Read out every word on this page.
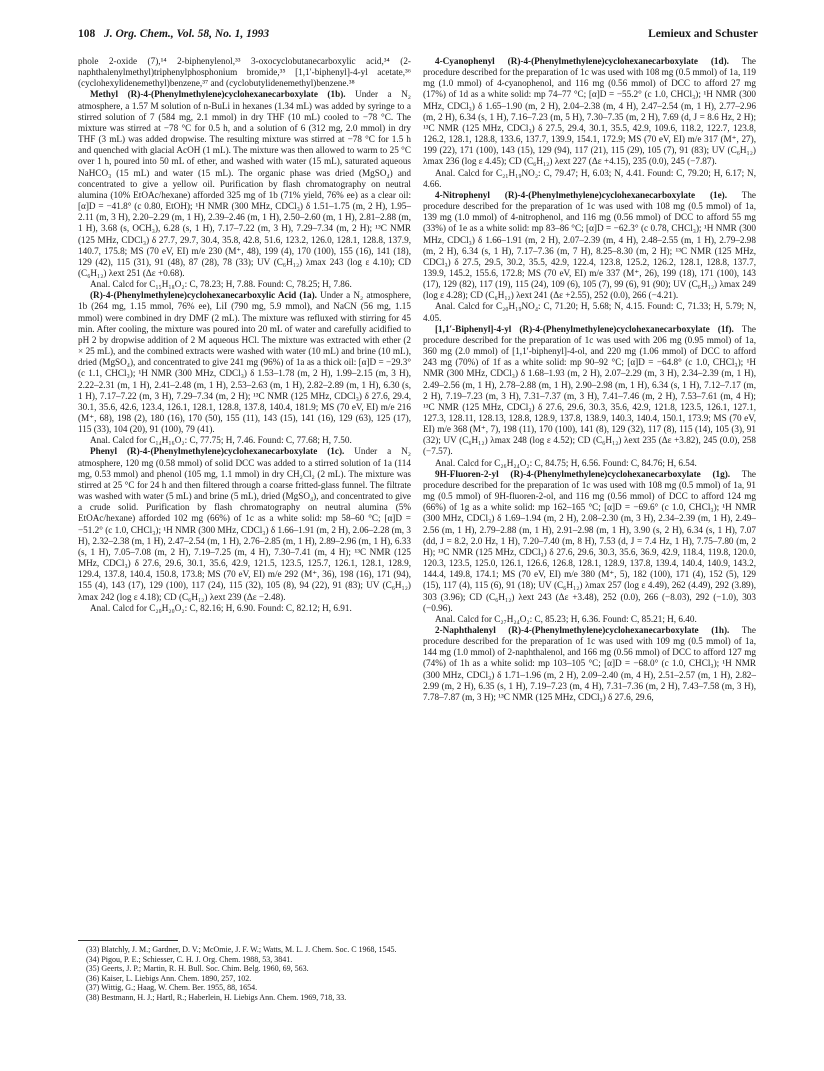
108 J. Org. Chem., Vol. 58, No. 1, 1993	Lemieux and Schuster

phole 2-oxide (7),¹⁴ 2-biphenylenol,³³ 3-oxocyclobutanecarboxylic acid,³⁴ (2-naphthalenylmethyl)triphenylphosphonium bromide,³⁵ [1,1′-biphenyl]-4-yl acetate,³⁶ (cyclohexylidenemethyl)benzene,³⁷ and (cyclobutylidenemethyl)benzene.³⁸

Methyl (R)-4-(Phenylmethylene)cyclohexanecarboxylate (1b). Under a N₂ atmosphere, a 1.57 M solution of n-BuLi in hexanes (1.34 mL) was added by syringe to a stirred solution of 7 (584 mg, 2.1 mmol) in dry THF (10 mL) cooled to −78 °C. The mixture was stirred at −78 °C for 0.5 h, and a solution of 6 (312 mg, 2.0 mmol) in dry THF (3 mL) was added dropwise. The resulting mixture was stirred at −78 °C for 1.5 h and quenched with glacial AcOH (1 mL). The mixture was then allowed to warm to 25 °C over 1 h, poured into 50 mL of ether, and washed with water (15 mL), saturated aqueous NaHCO₃ (15 mL) and water (15 mL). The organic phase was dried (MgSO₄) and concentrated to give a yellow oil. Purification by flash chromatography on neutral alumina (10% EtOAc/hexane) afforded 325 mg of 1b (71% yield, 76% ee) as a clear oil: [α]D = −41.8° (c 0.80, EtOH); ¹H NMR (300 MHz, CDCl₃) δ 1.51–1.75 (m, 2 H), 1.95–2.11 (m, 3 H), 2.20–2.29 (m, 1 H), 2.39–2.46 (m, 1 H), 2.50–2.60 (m, 1 H), 2.81–2.88 (m, 1 H), 3.68 (s, OCH₃), 6.28 (s, 1 H), 7.17–7.22 (m, 3 H), 7.29–7.34 (m, 2 H); ¹³C NMR (125 MHz, CDCl₃) δ 27.7, 29.7, 30.4, 35.8, 42.8, 51.6, 123.2, 126.0, 128.1, 128.8, 137.9, 140.7, 175.8; MS (70 eV, EI) m/e 230 (M⁺, 48), 199 (4), 170 (100), 155 (16), 141 (18), 129 (42), 115 (31), 91 (48), 87 (28), 78 (33); UV (C₆H₁₂) λmax 243 (log ε 4.10); CD (C₆H₁₂) λext 251 (Δε +0.68).

Anal. Calcd for C₁₅H₁₈O₂: C, 78.23; H, 7.88. Found: C, 78.25; H, 7.86.

(R)-4-(Phenylmethylene)cyclohexanecarboxylic Acid (1a). Under a N₂ atmosphere, 1b (264 mg, 1.15 mmol, 76% ee), LiI (790 mg, 5.9 mmol), and NaCN (56 mg, 1.15 mmol) were combined in dry DMF (2 mL). The mixture was refluxed with stirring for 45 min. After cooling, the mixture was poured into 20 mL of water and carefully acidified to pH 2 by dropwise addition of 2 M aqueous HCl. The mixture was extracted with ether (2 × 25 mL), and the combined extracts were washed with water (10 mL) and brine (10 mL), dried (MgSO₄), and concentrated to give 241 mg (96%) of 1a as a thick oil: [α]D = −29.3° (c 1.1, CHCl₃); ¹H NMR (300 MHz, CDCl₃) δ 1.53–1.78 (m, 2 H), 1.99–2.15 (m, 3 H), 2.22–2.31 (m, 1 H), 2.41–2.48 (m, 1 H), 2.53–2.63 (m, 1 H), 2.82–2.89 (m, 1 H), 6.30 (s, 1 H), 7.17–7.22 (m, 3 H), 7.29–7.34 (m, 2 H); ¹³C NMR (125 MHz, CDCl₃) δ 27.6, 29.4, 30.1, 35.6, 42.6, 123.4, 126.1, 128.1, 128.8, 137.8, 140.4, 181.9; MS (70 eV, EI) m/e 216 (M⁺, 68), 198 (2), 180 (16), 170 (50), 155 (11), 143 (15), 141 (16), 129 (63), 125 (17), 115 (33), 104 (20), 91 (100), 79 (41).

Anal. Calcd for C₁₄H₁₆O₂: C, 77.75; H, 7.46. Found: C, 77.68; H, 7.50.

Phenyl (R)-4-(Phenylmethylene)cyclohexanecarboxylate (1c). Under a N₂ atmosphere, 120 mg (0.58 mmol) of solid DCC was added to a stirred solution of 1a (114 mg, 0.53 mmol) and phenol (105 mg, 1.1 mmol) in dry CH₂Cl₂ (2 mL). The mixture was stirred at 25 °C for 24 h and then filtered through a coarse fritted-glass funnel. The filtrate was washed with water (5 mL) and brine (5 mL), dried (MgSO₄), and concentrated to give a crude solid. Purification by flash chromatography on neutral alumina (5% EtOAc/hexane) afforded 102 mg (66%) of 1c as a white solid: mp 58–60 °C; [α]D = −51.2° (c 1.0, CHCl₃); ¹H NMR (300 MHz, CDCl₃) δ 1.66–1.91 (m, 2 H), 2.06–2.28 (m, 3 H), 2.32–2.38 (m, 1 H), 2.47–2.54 (m, 1 H), 2.76–2.85 (m, 1 H), 2.89–2.96 (m, 1 H), 6.33 (s, 1 H), 7.05–7.08 (m, 2 H), 7.19–7.25 (m, 4 H), 7.30–7.41 (m, 4 H); ¹³C NMR (125 MHz, CDCl₃) δ 27.6, 29.6, 30.1, 35.6, 42.9, 121.5, 123.5, 125.7, 126.1, 128.1, 128.9, 129.4, 137.8, 140.4, 150.8, 173.8; MS (70 eV, EI) m/e 292 (M⁺, 36), 198 (16), 171 (94), 155 (4), 143 (17), 129 (100), 117 (24), 115 (32), 105 (8), 94 (22), 91 (83); UV (C₆H₁₂) λmax 242 (log ε 4.18); CD (C₆H₁₂) λext 239 (Δε −2.48).

Anal. Calcd for C₂₀H₂₀O₂: C, 82.16; H, 6.90. Found: C, 82.12; H, 6.91.

(33) Blatchly, J. M.; Gardner, D. V.; McOmie, J. F. W.; Watts, M. L. J. Chem. Soc. C 1968, 1545.

(34) Pigou, P. E.; Schiesser, C. H. J. Org. Chem. 1988, 53, 3841.

(35) Geerts, J. P.; Martin, R. H. Bull. Soc. Chim. Belg. 1960, 69, 563.

(36) Kaiser, L. Liebigs Ann. Chem. 1890, 257, 102.

(37) Wittig, G.; Haag, W. Chem. Ber. 1955, 88, 1654.

(38) Bestmann, H. J.; Hartl, R.; Haberlein, H. Liebigs Ann. Chem. 1969, 718, 33.

4-Cyanophenyl (R)-4-(Phenylmethylene)cyclohexanecarboxylate (1d). The procedure described for the preparation of 1c was used with 108 mg (0.5 mmol) of 1a, 119 mg (1.0 mmol) of 4-cyanophenol, and 116 mg (0.56 mmol) of DCC to afford 27 mg (17%) of 1d as a white solid: mp 74–77 °C; [α]D = −55.2° (c 1.0, CHCl₃); ¹H NMR (300 MHz, CDCl₃) δ 1.65–1.90 (m, 2 H), 2.04–2.38 (m, 4 H), 2.47–2.54 (m, 1 H), 2.77–2.96 (m, 2 H), 6.34 (s, 1 H), 7.16–7.23 (m, 5 H), 7.30–7.35 (m, 2 H), 7.69 (d, J = 8.6 Hz, 2 H); ¹³C NMR (125 MHz, CDCl₃) δ 27.5, 29.4, 30.1, 35.5, 42.9, 109.6, 118.2, 122.7, 123.8, 126.2, 128.1, 128.8, 133.6, 137.7, 139.9, 154.1, 172.9; MS (70 eV, EI) m/e 317 (M⁺, 27), 199 (22), 171 (100), 143 (15), 129 (94), 117 (21), 115 (29), 105 (7), 91 (83); UV (C₆H₁₂) λmax 236 (log ε 4.45); CD (C₆H₁₂) λext 227 (Δε +4.15), 235 (0.0), 245 (−7.87).

Anal. Calcd for C₂₁H₁₉NO₂: C, 79.47; H, 6.03; N, 4.41. Found: C, 79.20; H, 6.17; N, 4.66.

4-Nitrophenyl (R)-4-(Phenylmethylene)cyclohexanecarboxylate (1e). The procedure described for the preparation of 1c was used with 108 mg (0.5 mmol) of 1a, 139 mg (1.0 mmol) of 4-nitrophenol, and 116 mg (0.56 mmol) of DCC to afford 55 mg (33%) of 1e as a white solid: mp 83–86 °C; [α]D = −62.3° (c 0.78, CHCl₃); ¹H NMR (300 MHz, CDCl₃) δ 1.66–1.91 (m, 2 H), 2.07–2.39 (m, 4 H), 2.48–2.55 (m, 1 H), 2.79–2.98 (m, 2 H), 6.34 (s, 1 H), 7.17–7.36 (m, 7 H), 8.25–8.30 (m, 2 H); ¹³C NMR (125 MHz, CDCl₃) δ 27.5, 29.5, 30.2, 35.5, 42.9, 122.4, 123.8, 125.2, 126.2, 128.1, 128.8, 137.7, 139.9, 145.2, 155.6, 172.8; MS (70 eV, EI) m/e 337 (M⁺, 26), 199 (18), 171 (100), 143 (17), 129 (82), 117 (19), 115 (24), 109 (6), 105 (7), 99 (6), 91 (90); UV (C₆H₁₂) λmax 249 (log ε 4.28); CD (C₆H₁₂) λext 241 (Δε +2.55), 252 (0.0), 266 (−4.21).

Anal. Calcd for C₂₀H₁₉NO₄: C, 71.20; H, 5.68; N, 4.15. Found: C, 71.33; H, 5.79; N, 4.05.

[1,1′-Biphenyl]-4-yl (R)-4-(Phenylmethylene)cyclohexanecarboxylate (1f). The procedure described for the preparation of 1c was used with 206 mg (0.95 mmol) of 1a, 360 mg (2.0 mmol) of [1,1′-biphenyl]-4-ol, and 220 mg (1.06 mmol) of DCC to afford 243 mg (70%) of 1f as a white solid: mp 90–92 °C; [α]D = −64.8° (c 1.0, CHCl₃); ¹H NMR (300 MHz, CDCl₃) δ 1.68–1.93 (m, 2 H), 2.07–2.29 (m, 3 H), 2.34–2.39 (m, 1 H), 2.49–2.56 (m, 1 H), 2.78–2.88 (m, 1 H), 2.90–2.98 (m, 1 H), 6.34 (s, 1 H), 7.12–7.17 (m, 2 H), 7.19–7.23 (m, 3 H), 7.31–7.37 (m, 3 H), 7.41–7.46 (m, 2 H), 7.53–7.61 (m, 4 H); ¹³C NMR (125 MHz, CDCl₃) δ 27.6, 29.6, 30.3, 35.6, 42.9, 121.8, 123.5, 126.1, 127.1, 127.3, 128.11, 128.13, 128.8, 128.9, 137.8, 138.9, 140.3, 140.4, 150.1, 173.9; MS (70 eV, EI) m/e 368 (M⁺, 7), 198 (11), 170 (100), 141 (8), 129 (32), 117 (8), 115 (14), 105 (3), 91 (32); UV (C₆H₁₂) λmax 248 (log ε 4.52); CD (C₆H₁₂) λext 235 (Δε +3.82), 245 (0.0), 258 (−7.57).

Anal. Calcd for C₂₆H₂₄O₂: C, 84.75; H, 6.56. Found: C, 84.76; H, 6.54.

9H-Fluoren-2-yl (R)-4-(Phenylmethylene)cyclohexanecarboxylate (1g). The procedure described for the preparation of 1c was used with 108 mg (0.5 mmol) of 1a, 91 mg (0.5 mmol) of 9H-fluoren-2-ol, and 116 mg (0.56 mmol) of DCC to afford 124 mg (66%) of 1g as a white solid: mp 162–165 °C; [α]D = −69.6° (c 1.0, CHCl₃); ¹H NMR (300 MHz, CDCl₃) δ 1.69–1.94 (m, 2 H), 2.08–2.30 (m, 3 H), 2.34–2.39 (m, 1 H), 2.49–2.56 (m, 1 H), 2.79–2.88 (m, 1 H), 2.91–2.98 (m, 1 H), 3.90 (s, 2 H), 6.34 (s, 1 H), 7.07 (dd, J = 8.2, 2.0 Hz, 1 H), 7.20–7.40 (m, 8 H), 7.53 (d, J = 7.4 Hz, 1 H), 7.75–7.80 (m, 2 H); ¹³C NMR (125 MHz, CDCl₃) δ 27.6, 29.6, 30.3, 35.6, 36.9, 42.9, 118.4, 119.8, 120.0, 120.3, 123.5, 125.0, 126.1, 126.6, 126.8, 128.1, 128.9, 137.8, 139.4, 140.4, 140.9, 143.2, 144.4, 149.8, 174.1; MS (70 eV, EI) m/e 380 (M⁺, 5), 182 (100), 171 (4), 152 (5), 129 (15), 117 (4), 115 (6), 91 (18); UV (C₆H₁₂) λmax 257 (log ε 4.49), 262 (4.49), 292 (3.89), 303 (3.96); CD (C₆H₁₂) λext 243 (Δε +3.48), 252 (0.0), 266 (−8.03), 292 (−1.0), 303 (−0.96).

Anal. Calcd for C₂₇H₂₄O₂: C, 85.23; H, 6.36. Found: C, 85.21; H, 6.40.

2-Naphthalenyl (R)-4-(Phenylmethylene)cyclohexanecarboxylate (1h). The procedure described for the preparation of 1c was used with 109 mg (0.5 mmol) of 1a, 144 mg (1.0 mmol) of 2-naphthalenol, and 166 mg (0.56 mmol) of DCC to afford 127 mg (74%) of 1h as a white solid: mp 103–105 °C; [α]D = −68.0° (c 1.0, CHCl₃); ¹H NMR (300 MHz, CDCl₃) δ 1.71–1.96 (m, 2 H), 2.09–2.40 (m, 4 H), 2.51–2.57 (m, 1 H), 2.82–2.99 (m, 2 H), 6.35 (s, 1 H), 7.19–7.23 (m, 4 H), 7.31–7.36 (m, 2 H), 7.43–7.58 (m, 3 H), 7.78–7.87 (m, 3 H); ¹³C NMR (125 MHz, CDCl₃) δ 27.6, 29.6,
